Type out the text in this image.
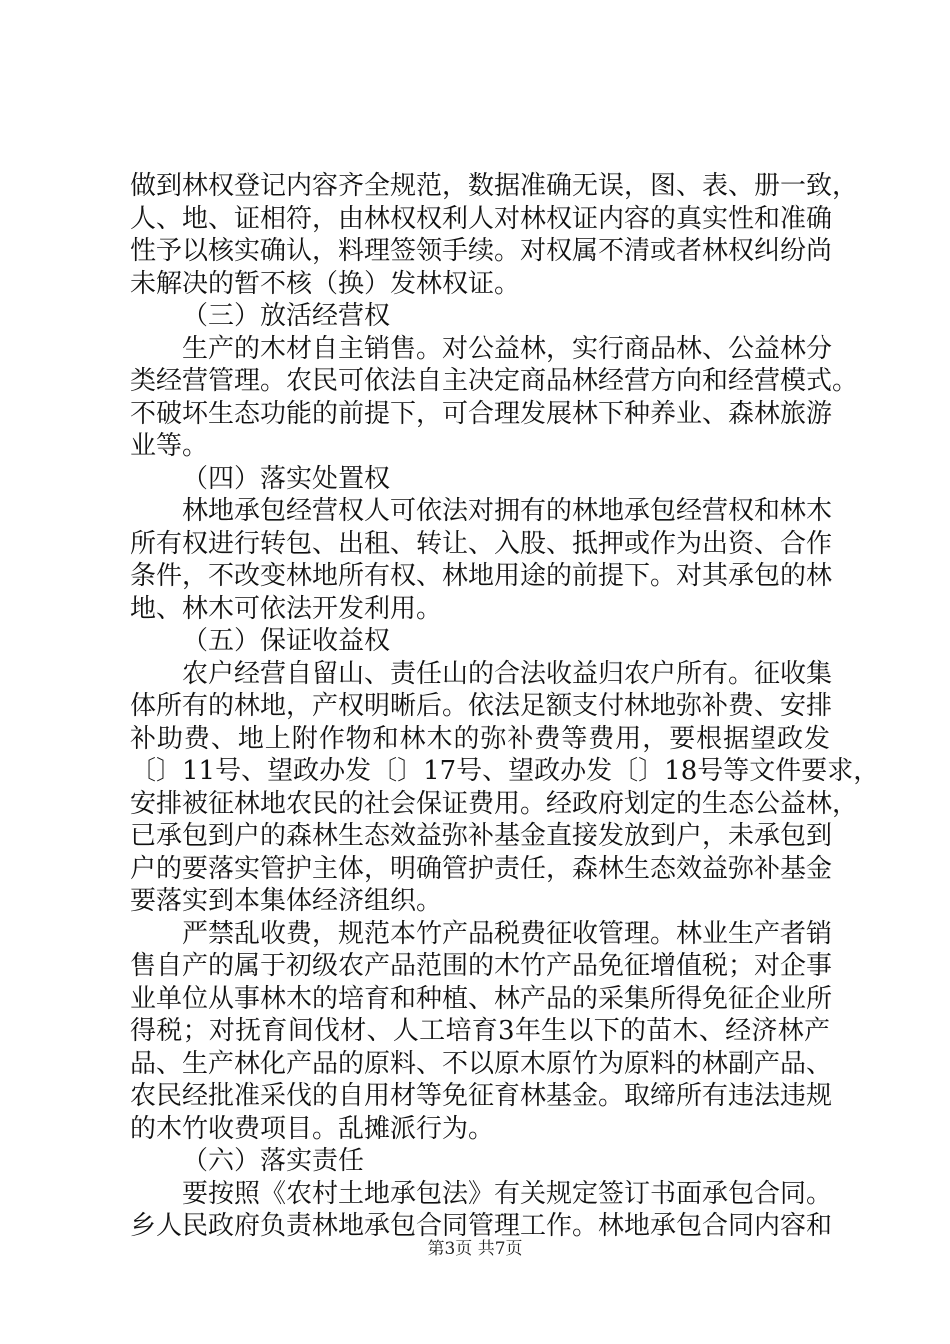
做到林权登记内容齐全规范，数据准确无误，图、表、册一致，
人、地、证相符，由林权权利人对林权证内容的真实性和准确
性予以核实确认，料理签领手续。对权属不清或者林权纠纷尚
未解决的暂不核（换）发林权证。
（三）放活经营权
生产的木材自主销售。对公益林，实行商品林、公益林分
类经营管理。农民可依法自主决定商品林经营方向和经营模式。
不破坏生态功能的前提下，可合理发展林下种养业、森林旅游
业等。
（四）落实处置权
林地承包经营权人可依法对拥有的林地承包经营权和林木
所有权进行转包、出租、转让、入股、抵押或作为出资、合作
条件，不改变林地所有权、林地用途的前提下。对其承包的林
地、林木可依法开发利用。
（五）保证收益权
农户经营自留山、责任山的合法收益归农户所有。征收集
体所有的林地，产权明晰后。依法足额支付林地弥补费、安排
补助费、地上附作物和林木的弥补费等费用，要根据望政发
〔〕11号、望政办发〔〕17号、望政办发〔〕18号等文件要求，
安排被征林地农民的社会保证费用。经政府划定的生态公益林，
已承包到户的森林生态效益弥补基金直接发放到户，未承包到
户的要落实管护主体，明确管护责任，森林生态效益弥补基金
要落实到本集体经济组织。
严禁乱收费，规范本竹产品税费征收管理。林业生产者销
售自产的属于初级农产品范围的木竹产品免征增值税；对企事
业单位从事林木的培育和种植、林产品的采集所得免征企业所
得税；对抚育间伐材、人工培育3年生以下的苗木、经济林产
品、生产林化产品的原料、不以原木原竹为原料的林副产品、
农民经批准采伐的自用材等免征育林基金。取缔所有违法违规
的木竹收费项目。乱摊派行为。
（六）落实责任
要按照《农村土地承包法》有关规定签订书面承包合同。
乡人民政府负责林地承包合同管理工作。林地承包合同内容和
第3页 共7页
